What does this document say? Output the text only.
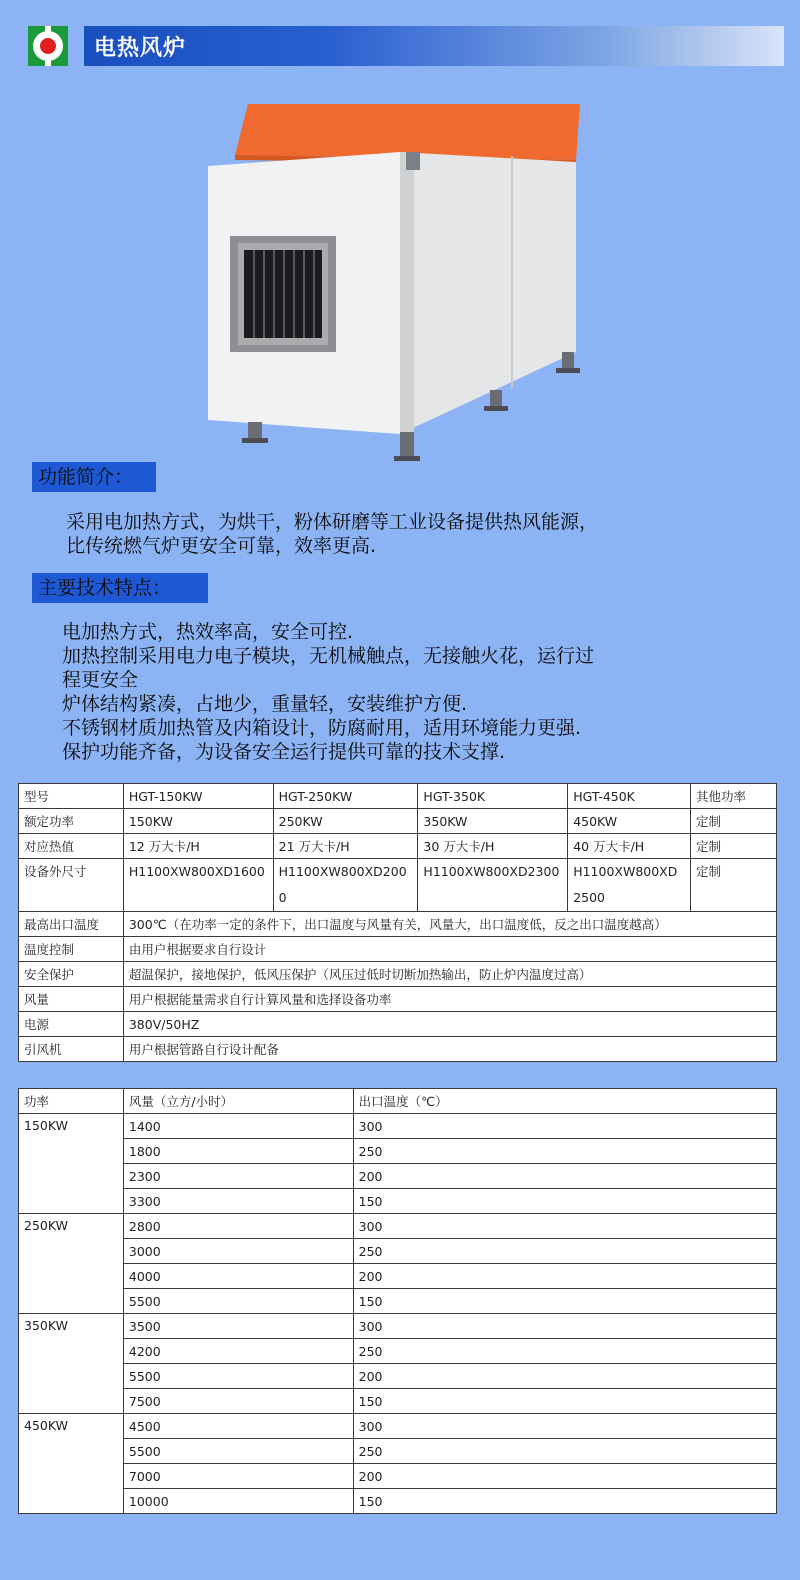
电热风炉
功能简介：

采用电加热方式，为烘干，粉体研磨等工业设备提供热风能源，

比传统燃气炉更安全可靠，效率更高.

主要技术特点：

电加热方式，热效率高，安全可控.

加热控制采用电力电子模块，无机械触点，无接触火花，运行过

程更安全

炉体结构紧凑，占地少，重量轻，安装维护方便.

不锈钢材质加热管及内箱设计，防腐耐用，适用环境能力更强.

保护功能齐备，为设备安全运行提供可靠的技术支撑.

型号	HGT-150KW	HGT-250KW	HGT-350K	HGT-450K	其他功率
额定功率	150KW	250KW	350KW	450KW	定制
对应热值	12 万大卡/H	21 万大卡/H	30 万大卡/H	40 万大卡/H	定制
设备外尺寸	H1100XW800XD1600	H1100XW800XD2000	H1100XW800XD2300	H1100XW800XD2500	定制
最高出口温度	300℃（在功率一定的条件下，出口温度与风量有关，风量大，出口温度低，反之出口温度越高）				
温度控制	由用户根据要求自行设计				
安全保护	超温保护，接地保护，低风压保护（风压过低时切断加热输出，防止炉内温度过高）				
风量	用户根据能量需求自行计算风量和选择设备功率				
电源	380V/50HZ				
引风机	用户根据管路自行设计配备				
功率	风量（立方/小时）	出口温度（℃）
150KW	1400	300
	1800	250
	2300	200
	3300	150
250KW	2800	300
	3000	250
	4000	200
	5500	150
350KW	3500	300
	4200	250
	5500	200
	7500	150
450KW	4500	300
	5500	250
	7000	200
	10000	150
